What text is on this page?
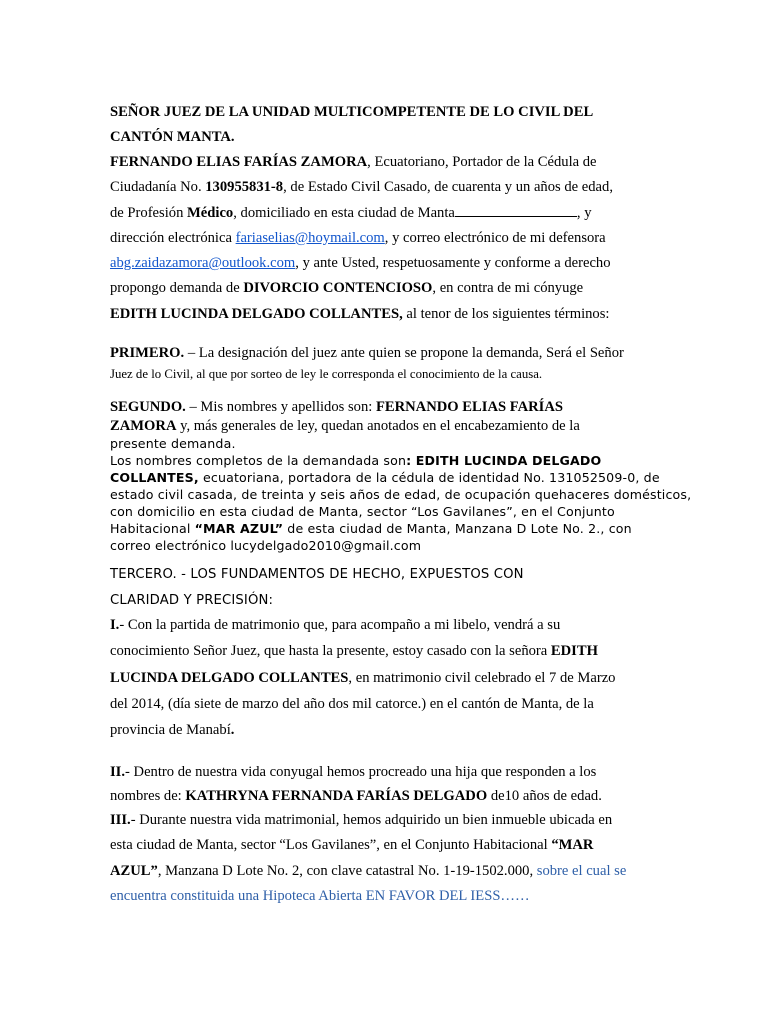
SEÑOR JUEZ DE LA UNIDAD MULTICOMPETENTE DE LO CIVIL DEL
CANTÓN MANTA.
FERNANDO ELIAS FARÍAS ZAMORA, Ecuatoriano, Portador de la Cédula de
Ciudadanía No. 130955831-8, de Estado Civil Casado, de cuarenta y un años de edad,
de Profesión Médico, domiciliado en esta ciudad de Manta	, y
dirección electrónica fariaselias@hoymail.com, y correo electrónico de mi defensora
abg.zaidazamora@outlook.com, y ante Usted, respetuosamente y conforme a derecho
propongo demanda de DIVORCIO CONTENCIOSO, en contra de mi cónyuge
EDITH LUCINDA DELGADO COLLANTES, al tenor de los siguientes términos:
PRIMERO. – La designación del juez ante quien se propone la demanda, Será el Señor
Juez de lo Civil, al que por sorteo de ley le corresponda el conocimiento de la causa.
SEGUNDO. – Mis nombres y apellidos son: FERNANDO ELIAS FARÍAS
ZAMORA y, más generales de ley, quedan anotados en el encabezamiento de la
presente demanda.
Los nombres completos de la demandada son: EDITH LUCINDA DELGADO
COLLANTES, ecuatoriana, portadora de la cédula de identidad No. 131052509-0, de
estado civil casada, de treinta y seis años de edad, de ocupación quehaceres domésticos,
con domicilio en esta ciudad de Manta, sector “Los Gavilanes”, en el Conjunto
Habitacional “MAR AZUL” de esta ciudad de Manta, Manzana D Lote No. 2., con
correo electrónico lucydelgado2010@gmail.com
TERCERO. - LOS FUNDAMENTOS DE HECHO, EXPUESTOS CON
CLARIDAD Y PRECISIÓN:
I.- Con la partida de matrimonio que, para acompaño a mi libelo, vendrá a su
conocimiento Señor Juez, que hasta la presente, estoy casado con la señora EDITH
LUCINDA DELGADO COLLANTES, en matrimonio civil celebrado el 7 de Marzo
del 2014, (día siete de marzo del año dos mil catorce.) en el cantón de Manta, de la
provincia de Manabí.
II.- Dentro de nuestra vida conyugal hemos procreado una hija que responden a los
nombres de: KATHRYNA FERNANDA FARÍAS DELGADO de10 años de edad.
III.- Durante nuestra vida matrimonial, hemos adquirido un bien inmueble ubicada en
esta ciudad de Manta, sector “Los Gavilanes”, en el Conjunto Habitacional “MAR
AZUL”, Manzana D Lote No. 2, con clave catastral No. 1-19-1502.000, sobre el cual se
encuentra constituida una Hipoteca Abierta EN FAVOR DEL IESS……
